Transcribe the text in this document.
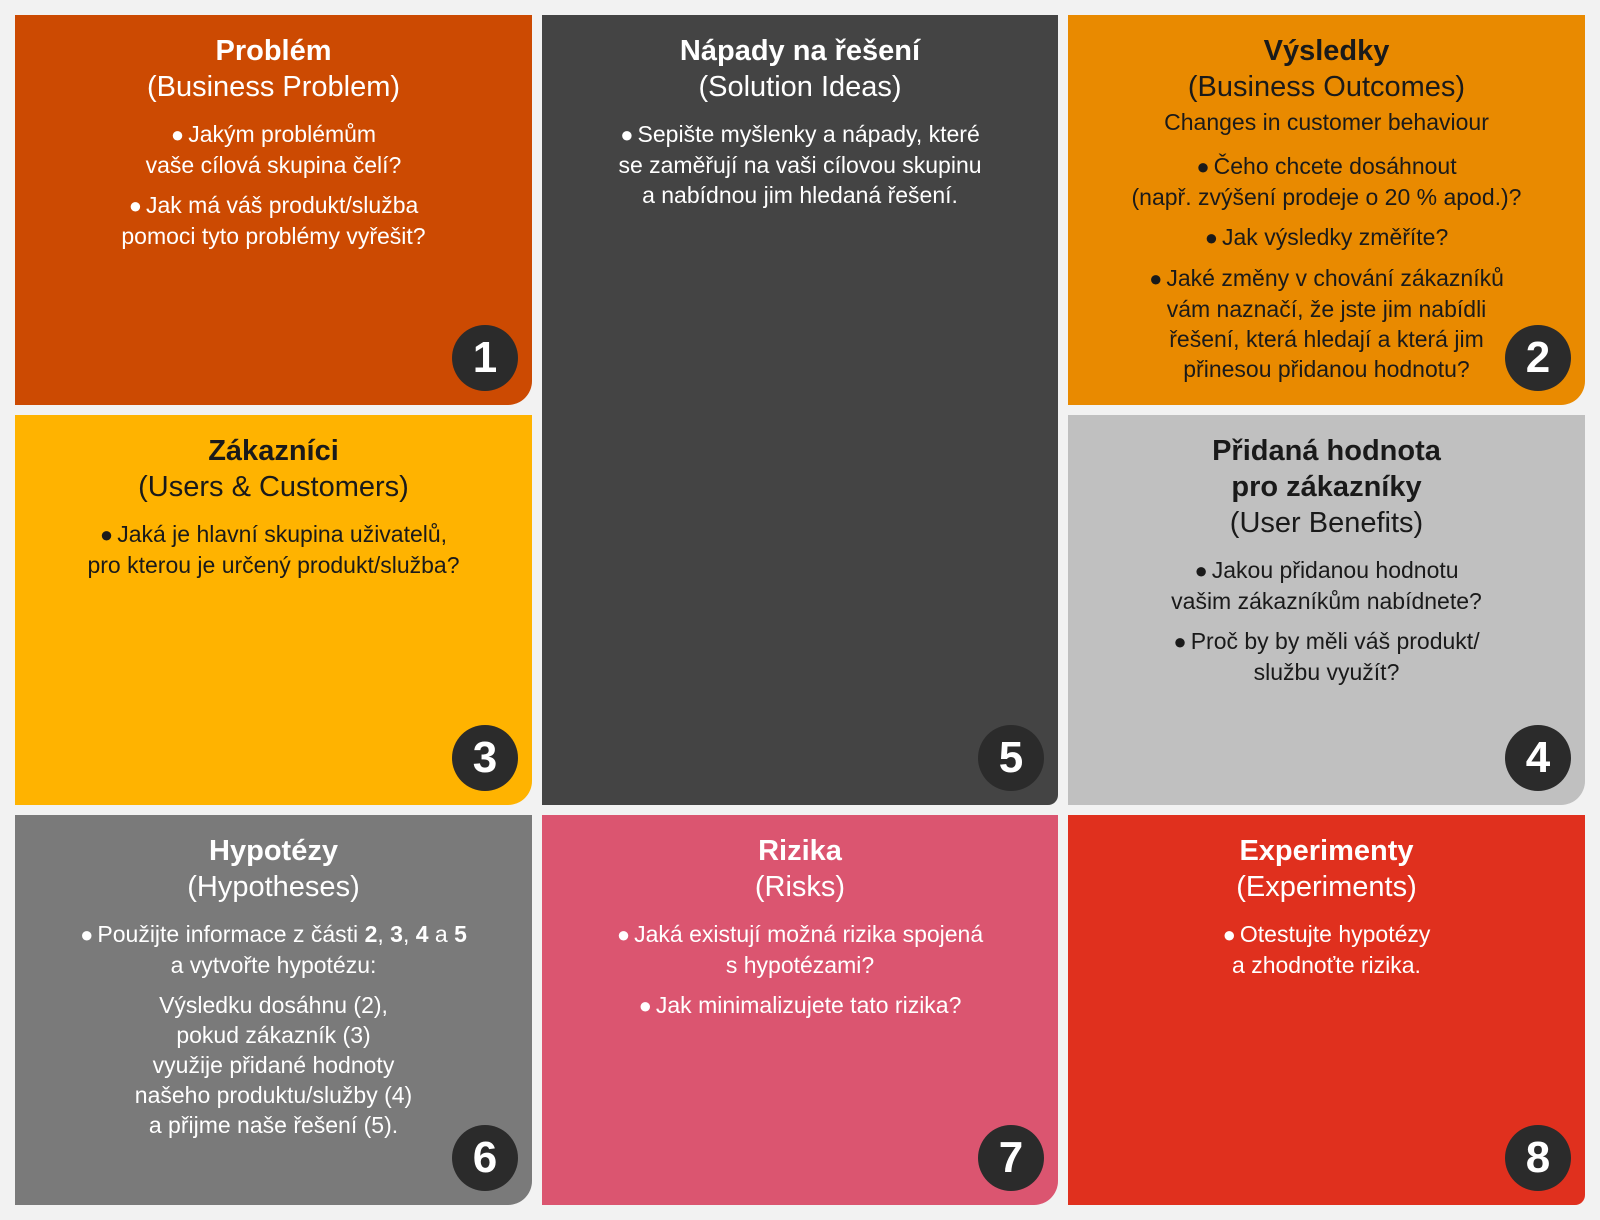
Problém
(Business Problem)
● Jakým problémům
vaše cílová skupina čelí?
● Jak má váš produkt/služba
pomoci tyto problémy vyřešit?
1
Nápady na řešení
(Solution Ideas)
● Sepište myšlenky a nápady, které
se zaměřují na vaši cílovou skupinu
a nabídnou jim hledaná řešení.
5
Výsledky
(Business Outcomes)
Changes in customer behaviour
● Čeho chcete dosáhnout
(např. zvýšení prodeje o 20 % apod.)?
● Jak výsledky změříte?
● Jaké změny v chování zákazníků
vám naznačí, že jste jim nabídli
řešení, která hledají a která jim
přinesou přidanou hodnotu?	2
Zákazníci
(Users & Customers)
● Jaká je hlavní skupina uživatelů,
pro kterou je určený produkt/služba?
3
Přidaná hodnota
pro zákazníky
(User Benefits)
● Jakou přidanou hodnotu
vašim zákazníkům nabídnete?
● Proč by by měli váš produkt/
službu využít?
4
Hypotézy
(Hypotheses)
● Použijte informace z části 2, 3, 4 a 5
a vytvořte hypotézu:
Výsledku dosáhnu (2),
pokud zákazník (3)
využije přidané hodnoty
našeho produktu/služby (4)
a přijme naše řešení (5).
6
Rizika
(Risks)
● Jaká existují možná rizika spojená
s hypotézami?
● Jak minimalizujete tato rizika?
7
Experimenty
(Experiments)
● Otestujte hypotézy
a zhodnoťte rizika.
8
